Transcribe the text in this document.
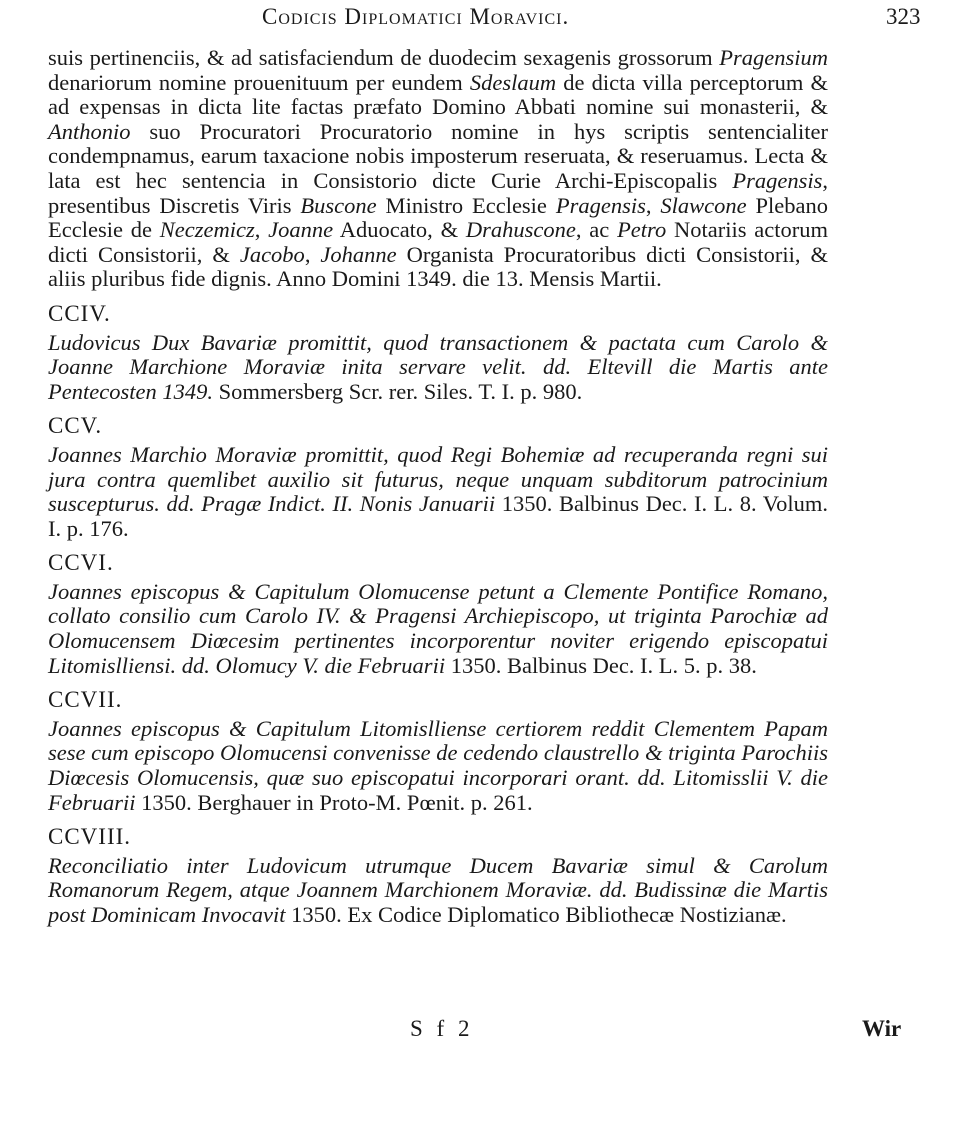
Codicis Diplomatici Moravici.	323

suis pertinenciis, & ad satisfaciendum de duodecim sexagenis grossorum Pragensium denariorum nomine prouenituum per eundem Sdeslaum de dicta villa perceptorum & ad expensas in dicta lite factas præfato Domino Abbati nomine sui monasterii, & Anthonio suo Procuratori Procuratorio nomine in hys scriptis sentencialiter condempnamus, earum taxacione nobis imposterum reseruata, & reseruamus. Lecta & lata est hec sentencia in Consistorio dicte Curie Archi-Episcopalis Pragensis, presentibus Discretis Viris Buscone Ministro Ecclesie Pragensis, Slawcone Plebano Ecclesie de Neczemicz, Joanne Aduocato, & Drahuscone, ac Petro Notariis actorum dicti Consistorii, & Jacobo, Johanne Organista Procuratoribus dicti Consistorii, & aliis pluribus fide dignis. Anno Domini 1349. die 13. Mensis Martii.

CCIV.

Ludovicus Dux Bavariæ promittit, quod transactionem & pactata cum Carolo & Joanne Marchione Moraviæ inita servare velit. dd. Eltevill die Martis ante Pentecosten 1349. Sommersberg Scr. rer. Siles. T. I. p. 980.

CCV.

Joannes Marchio Moraviæ promittit, quod Regi Bohemiæ ad recuperanda regni sui jura contra quemlibet auxilio sit futurus, neque unquam subditorum patrocinium suscepturus. dd. Pragæ Indict. II. Nonis Januarii 1350. Balbinus Dec. I. L. 8. Volum. I. p. 176.

CCVI.

Joannes episcopus & Capitulum Olomucense petunt a Clemente Pontifice Romano, collato consilio cum Carolo IV. & Pragensi Archiepiscopo, ut triginta Parochiæ ad Olomucensem Diœcesim pertinentes incorporentur noviter erigendo episcopatui Litomislliensi. dd. Olomucy V. die Februarii 1350. Balbinus Dec. I. L. 5. p. 38.

CCVII.

Joannes episcopus & Capitulum Litomislliense certiorem reddit Clementem Papam sese cum episcopo Olomucensi convenisse de cedendo claustrello & triginta Parochiis Diœcesis Olomucensis, quæ suo episcopatui incorporari orant. dd. Litomisslii V. die Februarii 1350. Berghauer in Proto-M. Pœnit. p. 261.

CCVIII.

Reconciliatio inter Ludovicum utrumque Ducem Bavariæ simul & Carolum Romanorum Regem, atque Joannem Marchionem Moraviæ. dd. Budissinæ die Martis post Dominicam Invocavit 1350. Ex Codice Diplomatico Bibliothecæ Nostizianæ.

S f 2	Wir
